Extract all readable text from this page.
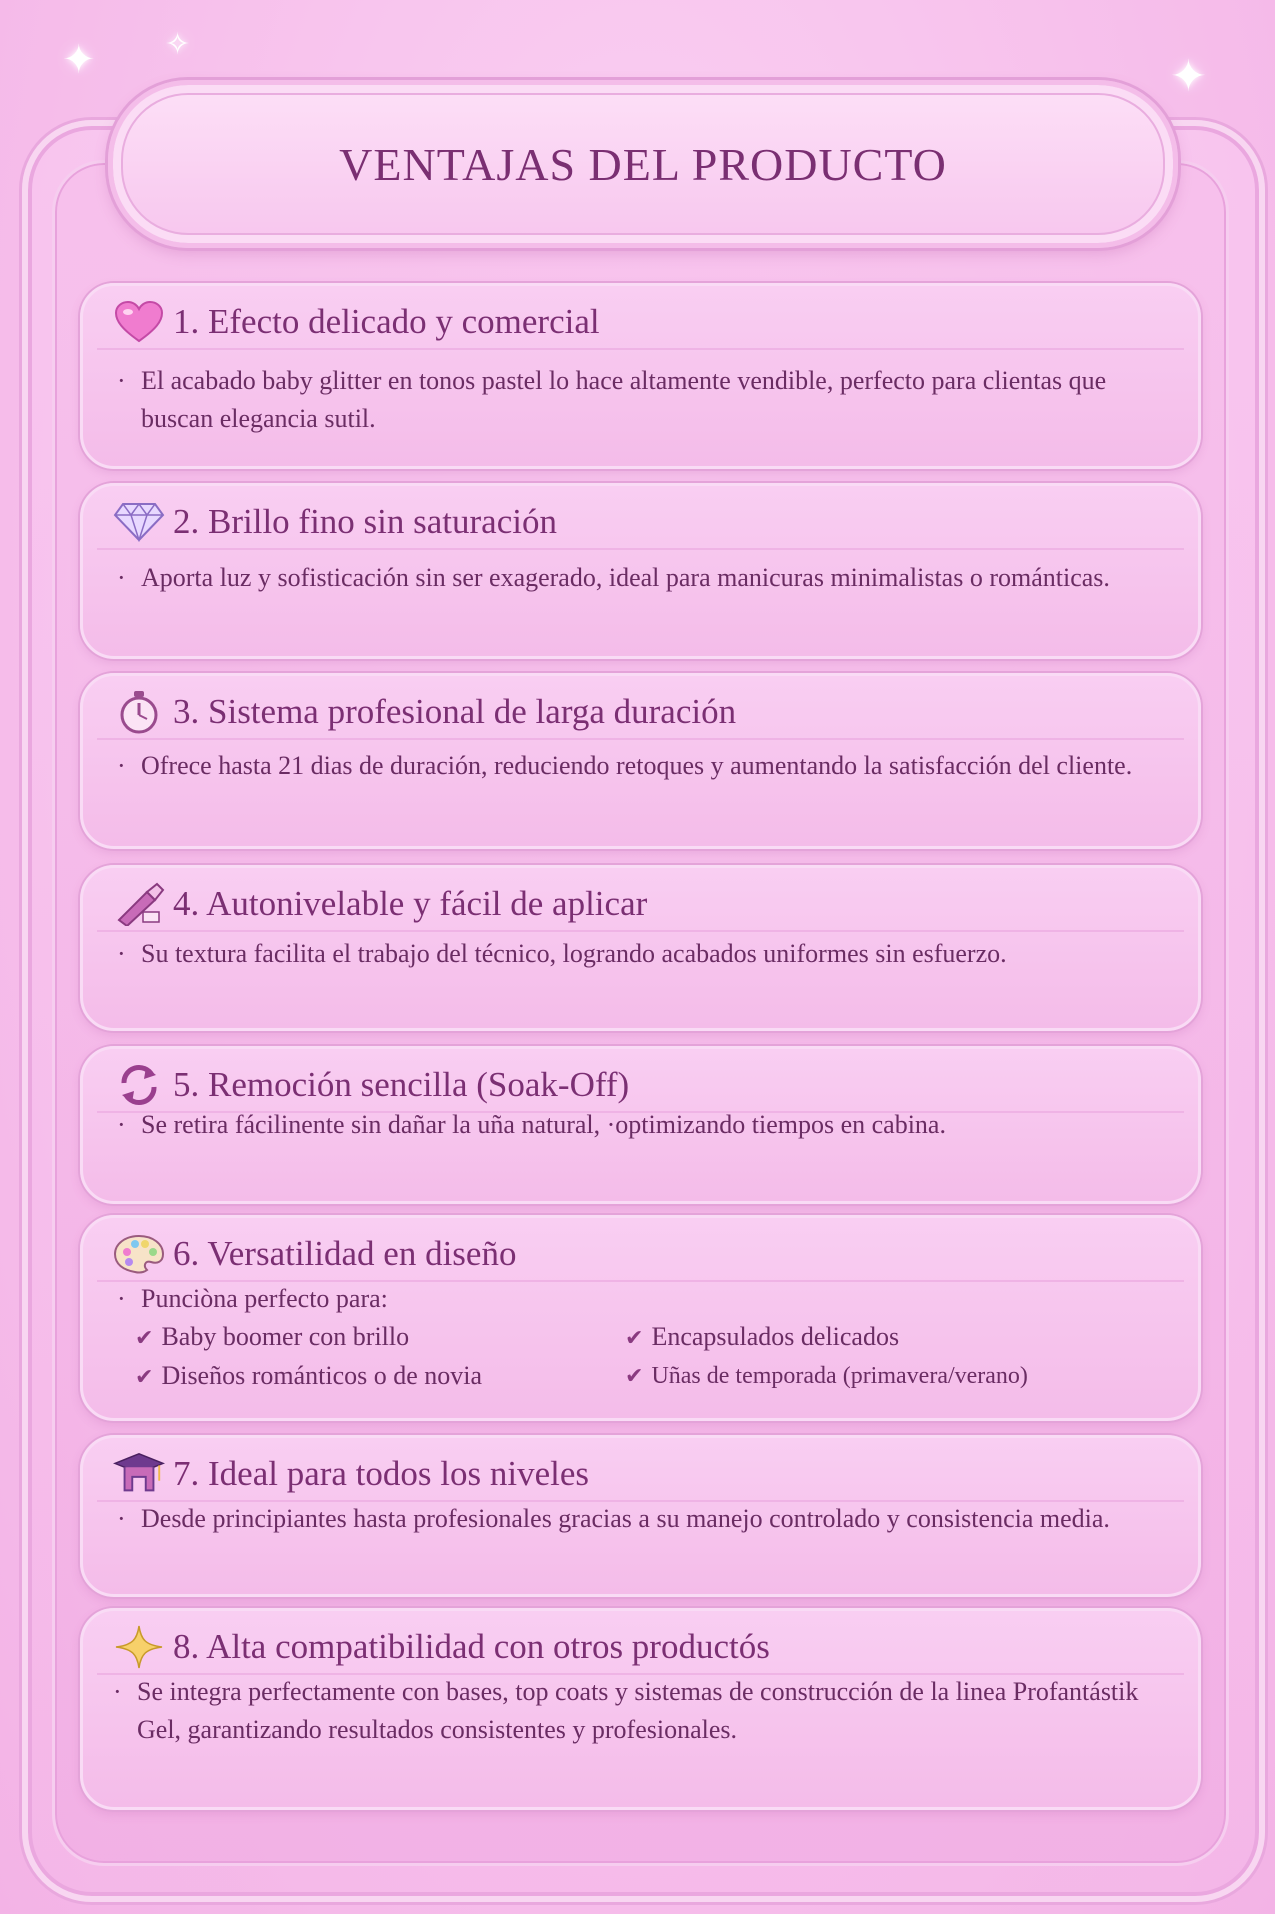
✦ ✧
✦
VENTAJAS DEL PRODUCTO
1. Efecto delicado y comercial
· El acabado baby glitter en tonos pastel lo hace altamente vendible, perfecto para clientas que buscan elegancia sutil.
2. Brillo fino sin saturación
· Aporta luz y sofisticación sin ser exagerado, ideal para manicuras minimalistas o románticas.
3. Sistema profesional de larga duración
· Ofrece hasta 21 dias de duración, reduciendo retoques y aumentando la satisfacción del cliente.
4. Autonivelable y fácil de aplicar
· Su textura facilita el trabajo del técnico, logrando acabados uniformes sin esfuerzo.
5. Remoción sencilla (Soak-Off)
· Se retira fácilinente sin dañar la uña natural, ·optimizando tiempos en cabina.
6. Versatilidad en diseño
· Punciòna perfecto para:
✔ Baby boomer con brillo	✔ Encapsulados delicados
✔ Diseños románticos o de novia	✔ Uñas de temporada (primavera/verano)
7. Ideal para todos los niveles
· Desde principiantes hasta profesionales gracias a su manejo controlado y consistencia media.
8. Alta compatibilidad con otros productós
· Se integra perfectamente con bases, top coats y sistemas de construcción de la linea Profantástik Gel, garantizando resultados consistentes y profesionales.
